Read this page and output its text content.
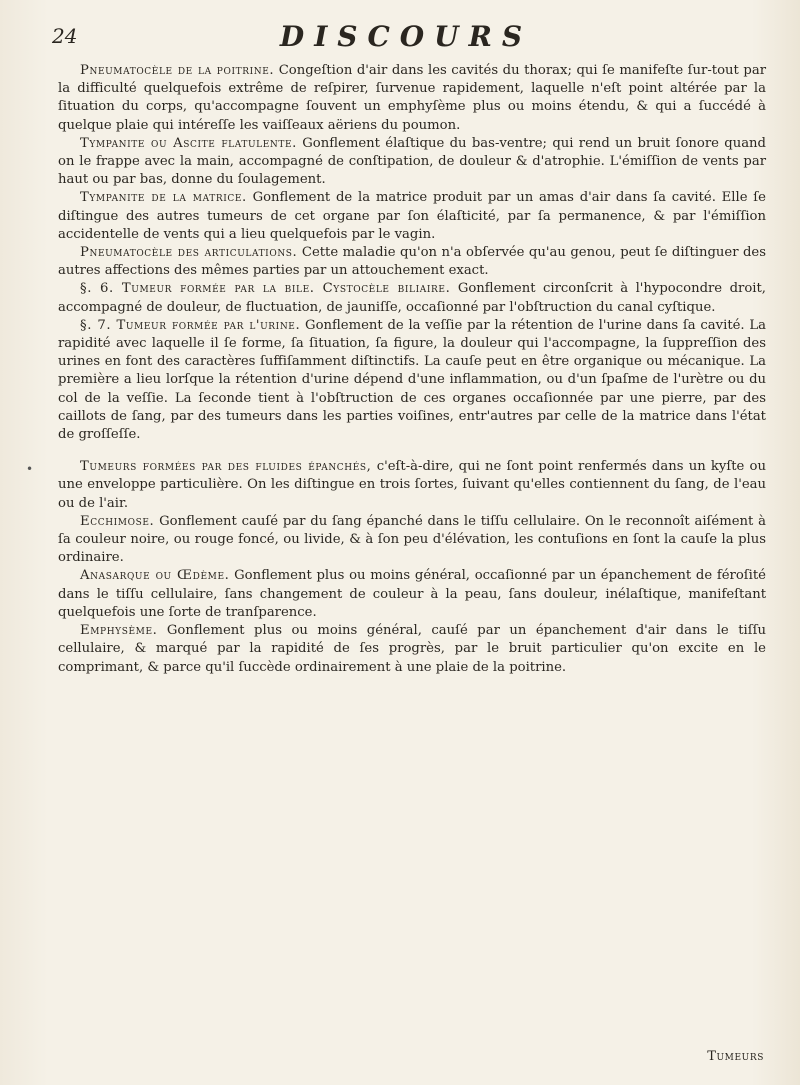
24	DISCOURS
•

Pneumatocèle de la poitrine. Congeſtion d'air dans les cavités du thorax; qui ſe manifeſte ſur-tout par la difficulté quelquefois extrême de reſpirer, ſurvenue rapidement, laquelle n'eſt point altérée par la ſituation du corps, qu'accompagne ſouvent un emphyſème plus ou moins étendu, & qui a ſuccédé à quelque plaie qui intéreſſe les vaiſſeaux aëriens du poumon.

Tympanite ou Ascite flatulente. Gonflement élaſtique du bas-ventre; qui rend un bruit ſonore quand on le frappe avec la main, accompagné de conſtipation, de douleur & d'atrophie. L'émiſſion de vents par haut ou par bas, donne du ſoulagement.

Tympanite de la matrice. Gonflement de la matrice produit par un amas d'air dans ſa cavité. Elle ſe diſtingue des autres tumeurs de cet organe par ſon élaſticité, par ſa permanence, & par l'émiſſion accidentelle de vents qui a lieu quelquefois par le vagin.

Pneumatocèle des articulations. Cette maladie qu'on n'a obſervée qu'au genou, peut ſe diſtinguer des autres affections des mêmes parties par un attouchement exact.

§. 6. Tumeur formée par la bile. Cystocèle biliaire. Gonflement circonſcrit à l'hypocondre droit, accompagné de douleur, de fluctuation, de jauniſſe, occaſionné par l'obſtruction du canal cyſtique.

§. 7. Tumeur formée par l'urine. Gonflement de la veſſie par la rétention de l'urine dans ſa cavité. La rapidité avec laquelle il ſe forme, ſa ſituation, ſa figure, la douleur qui l'accompagne, la ſuppreſſion des urines en font des caractères ſuffiſamment diſtinctifs. La cauſe peut en être organique ou mécanique. La première a lieu lorſque la rétention d'urine dépend d'une inflammation, ou d'un ſpaſme de l'urètre ou du col de la veſſie. La ſeconde tient à l'obſtruction de ces organes occaſionnée par une pierre, par des caillots de ſang, par des tumeurs dans les parties voiſines, entr'autres par celle de la matrice dans l'état de groſſeſſe.

Tumeurs formées par des fluides épanchés, c'eſt-à-dire, qui ne ſont point renfermés dans un kyſte ou une enveloppe particulière. On les diſtingue en trois ſortes, ſuivant qu'elles contiennent du ſang, de l'eau ou de l'air.

Ecchimose. Gonflement cauſé par du ſang épanché dans le tiſſu cellulaire. On le reconnoît aiſément à ſa couleur noire, ou rouge foncé, ou livide, & à ſon peu d'élévation, les contuſions en ſont la cauſe la plus ordinaire.

Anasarque ou Œdème. Gonflement plus ou moins général, occaſionné par un épanchement de féroſité dans le tiſſu cellulaire, ſans changement de couleur à la peau, ſans douleur, inélaſtique, manifeſtant quelquefois une ſorte de tranſparence.

Emphysème. Gonflement plus ou moins général, cauſé par un épanchement d'air dans le tiſſu cellulaire, & marqué par la rapidité de ſes progrès, par le bruit particulier qu'on excite en le comprimant, & parce qu'il ſuccède ordinairement à une plaie de la poitrine.

Tumeurs
